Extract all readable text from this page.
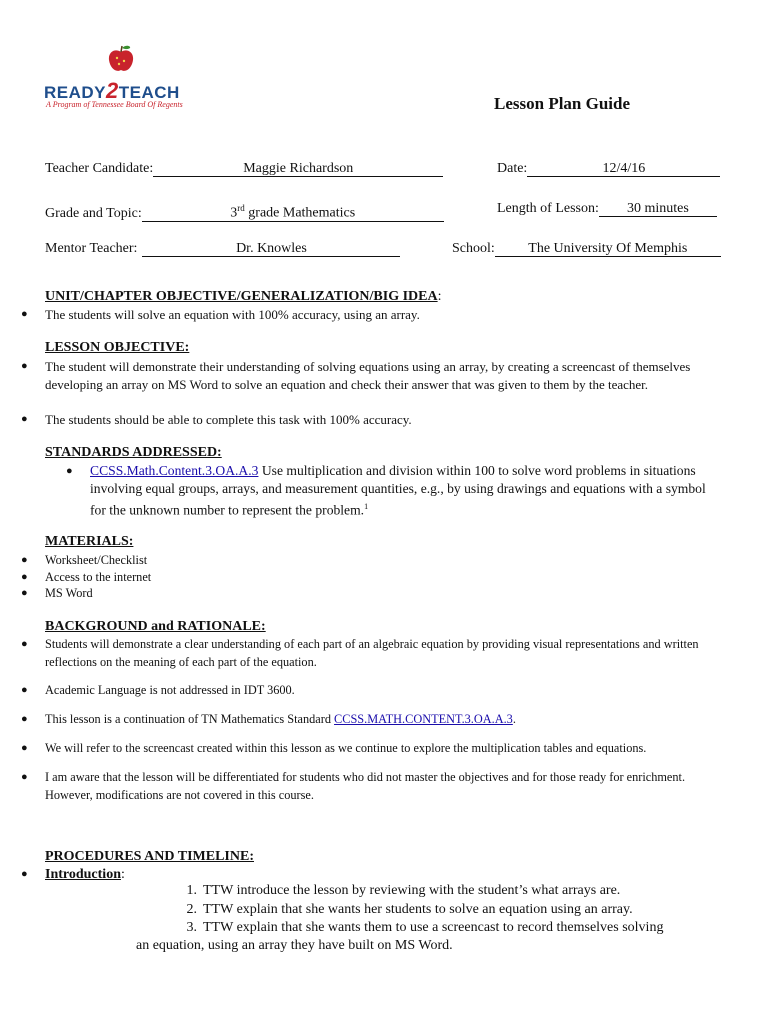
READY2TEACH
A Program of Tennessee Board Of Regents	Lesson Plan Guide
Teacher Candidate:	Maggie Richardson	Date:	12/4/16
Grade and Topic:	3rd grade Mathematics	Length of Lesson: 30 minutes
Mentor Teacher:	Dr. Knowles	School: The University Of Memphis
UNIT/CHAPTER OBJECTIVE/GENERALIZATION/BIG IDEA:
● The students will solve an equation with 100% accuracy, using an array.
LESSON OBJECTIVE:
● The student will demonstrate their understanding of solving equations using an array, by creating a screencast of themselves developing an array on MS Word to solve an equation and check their answer that was given to them by the teacher.
● The students should be able to complete this task with 100% accuracy.
STANDARDS ADDRESSED:
● CCSS.Math.Content.3.OA.A.3 Use multiplication and division within 100 to solve word problems in situations involving equal groups, arrays, and measurement quantities, e.g., by using drawings and equations with a symbol for the unknown number to represent the problem.$^1$
MATERIALS:
● Worksheet/Checklist
● Access to the internet
● MS Word
BACKGROUND and RATIONALE:
● Students will demonstrate a clear understanding of each part of an algebraic equation by providing visual representations and written reflections on the meaning of each part of the equation.
● Academic Language is not addressed in IDT 3600.
● This lesson is a continuation of TN Mathematics Standard CCSS.MATH.CONTENT.3.OA.A.3.
● We will refer to the screencast created within this lesson as we continue to explore the multiplication tables and equations.
● I am aware that the lesson will be differentiated for students who did not master the objectives and for those ready for enrichment. However, modifications are not covered in this course.
PROCEDURES AND TIMELINE:
● Introduction:
1. TTW introduce the lesson by reviewing with the student’s what arrays are.
2. TTW explain that she wants her students to solve an equation using an array.
3. TTW explain that she wants them to use a screencast to record themselves solving
an equation, using an array they have built on MS Word.
